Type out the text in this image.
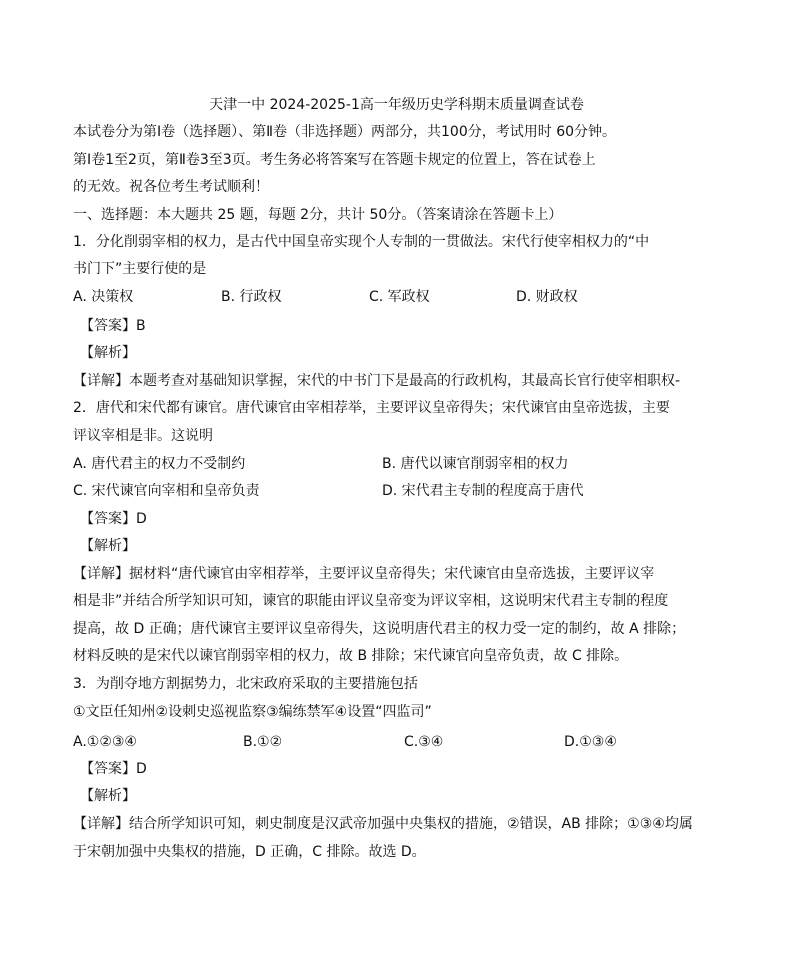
天津一中 2024-2025-1高一年级历史学科期末质量调查试卷
本试卷分为第Ⅰ卷（选择题）、第Ⅱ卷（非选择题）两部分，共100分，考试用时 60分钟。
第Ⅰ卷1至2页，第Ⅱ卷3至3页。考生务必将答案写在答题卡规定的位置上，答在试卷上
的无效。祝各位考生考试顺利！
一、选择题：本大题共 25 题，每题 2分，共计 50分。（答案请涂在答题卡上）
1．分化削弱宰相的权力，是古代中国皇帝实现个人专制的一贯做法。宋代行使宰相权力的“中
书门下”主要行使的是
A. 决策权	B. 行政权	C. 军政权	D. 财政权
【答案】B
【解析】
【详解】本题考查对基础知识掌握，宋代的中书门下是最高的行政机构，其最高长官行使宰相职权-
2．唐代和宋代都有谏官。唐代谏官由宰相荐举，主要评议皇帝得失；宋代谏官由皇帝选拔，主要
评议宰相是非。这说明
A. 唐代君主的权力不受制约	B. 唐代以谏官削弱宰相的权力
C. 宋代谏官向宰相和皇帝负责	D. 宋代君主专制的程度高于唐代
【答案】D
【解析】
【详解】据材料“唐代谏官由宰相荐举，主要评议皇帝得失；宋代谏官由皇帝选拔，主要评议宰
相是非”并结合所学知识可知，谏官的职能由评议皇帝变为评议宰相，这说明宋代君主专制的程度
提高，故 D 正确；唐代谏官主要评议皇帝得失，这说明唐代君主的权力受一定的制约，故 A 排除；
材料反映的是宋代以谏官削弱宰相的权力，故 B 排除；宋代谏官向皇帝负责，故 C 排除。
3．为削夺地方割据势力，北宋政府采取的主要措施包括
①文臣任知州②设刺史巡视监察③编练禁军④设置“四监司”
A.①②③④	B.①②	C.③④	D.①③④
【答案】D
【解析】
【详解】结合所学知识可知，刺史制度是汉武帝加强中央集权的措施，②错误，AB 排除；①③④均属
于宋朝加强中央集权的措施，D 正确，C 排除。故选 D。
